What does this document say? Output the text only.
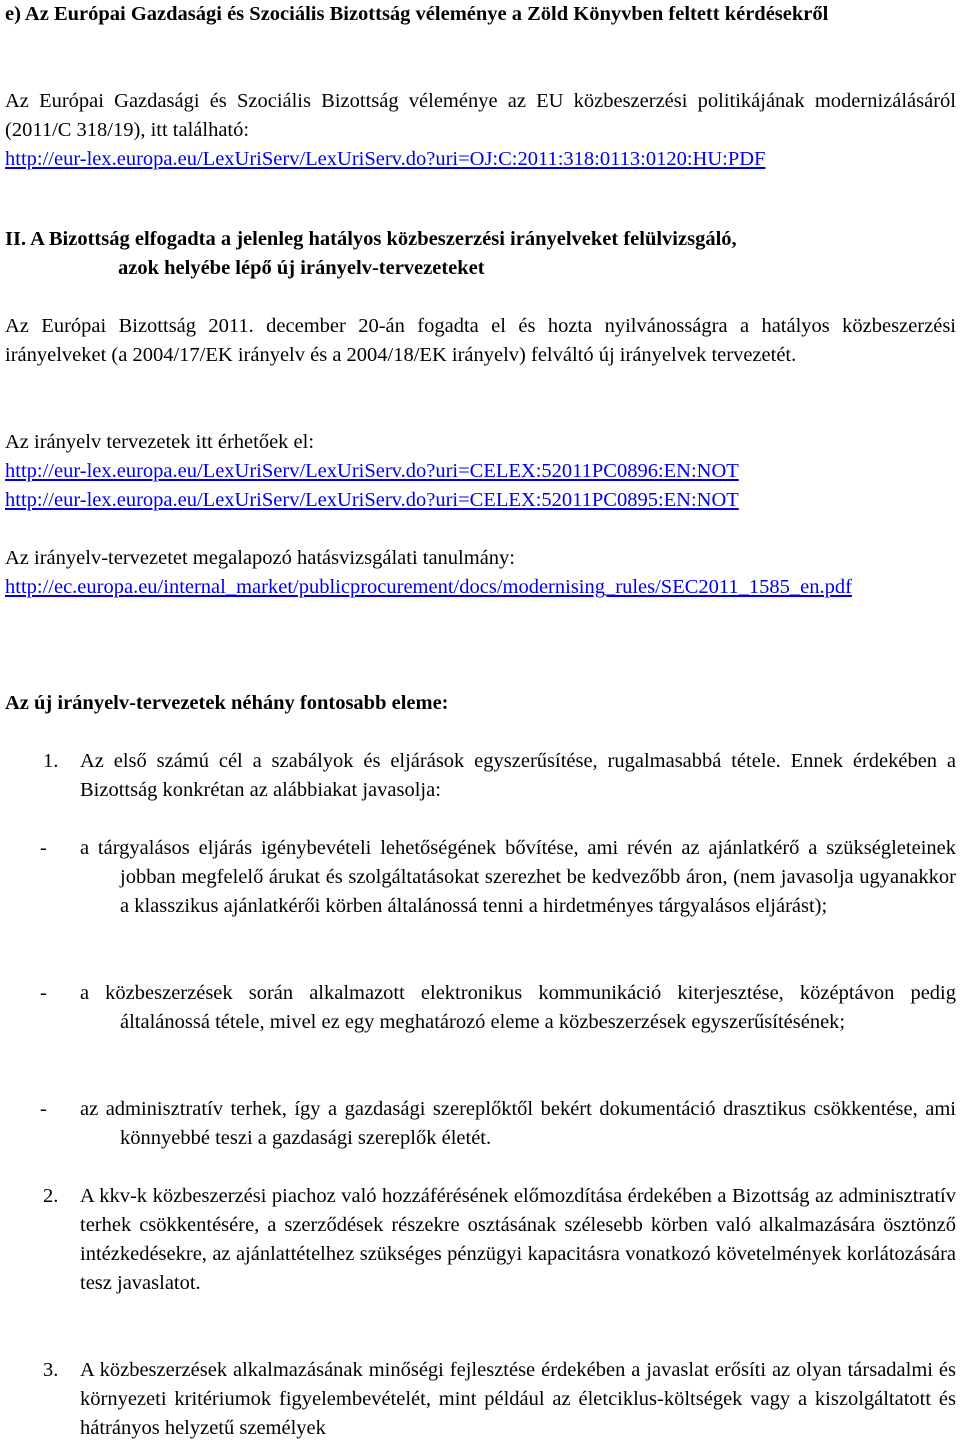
e) Az Európai Gazdasági és Szociális Bizottság véleménye a Zöld Könyvben feltett kérdésekről
Az Európai Gazdasági és Szociális Bizottság véleménye az EU közbeszerzési politikájának modernizálásáról (2011/C 318/19), itt található:
http://eur-lex.europa.eu/LexUriServ/LexUriServ.do?uri=OJ:C:2011:318:0113:0120:HU:PDF
II. A Bizottság elfogadta a jelenleg hatályos közbeszerzési irányelveket felülvizsgáló,
azok helyébe lépő új irányelv-tervezeteket
Az Európai Bizottság 2011. december 20-án fogadta el és hozta nyilvánosságra a hatályos közbeszerzési irányelveket (a 2004/17/EK irányelv és a 2004/18/EK irányelv) felváltó új irányelvek tervezetét.
Az irányelv tervezetek itt érhetőek el:
http://eur-lex.europa.eu/LexUriServ/LexUriServ.do?uri=CELEX:52011PC0896:EN:NOT
http://eur-lex.europa.eu/LexUriServ/LexUriServ.do?uri=CELEX:52011PC0895:EN:NOT
Az irányelv-tervezetet megalapozó hatásvizsgálati tanulmány:
http://ec.europa.eu/internal_market/publicprocurement/docs/modernising_rules/SEC2011_1585_en.pdf
Az új irányelv-tervezetek néhány fontosabb eleme:
1. Az első számú cél a szabályok és eljárások egyszerűsítése, rugalmasabbá tétele. Ennek érdekében a Bizottság konkrétan az alábbiakat javasolja:
- a tárgyalásos eljárás igénybevételi lehetőségének bővítése, ami révén az ajánlatkérő a szükségleteinek jobban megfelelő árukat és szolgáltatásokat szerezhet be kedvezőbb áron, (nem javasolja ugyanakkor a klasszikus ajánlatkérői körben általánossá tenni a hirdetményes tárgyalásos eljárást);
- a közbeszerzések során alkalmazott elektronikus kommunikáció kiterjesztése, középtávon pedig általánossá tétele, mivel ez egy meghatározó eleme a közbeszerzések egyszerűsítésének;
- az adminisztratív terhek, így a gazdasági szereplőktől bekért dokumentáció drasztikus csökkentése, ami könnyebbé teszi a gazdasági szereplők életét.
2.	A kkv-k közbeszerzési piachoz való hozzáférésének előmozdítása érdekében a Bizottság az adminisztratív terhek csökkentésére, a szerződések részekre osztásának szélesebb körben való alkalmazására ösztönző intézkedésekre, az ajánlattételhez szükséges pénzügyi kapacitásra vonatkozó követelmények korlátozására tesz javaslatot.
3.	A közbeszerzések alkalmazásának minőségi fejlesztése érdekében a javaslat erősíti az olyan társadalmi és környezeti kritériumok figyelembevételét, mint például az életciklus-költségek vagy a kiszolgáltatott és hátrányos helyzetű személyek
